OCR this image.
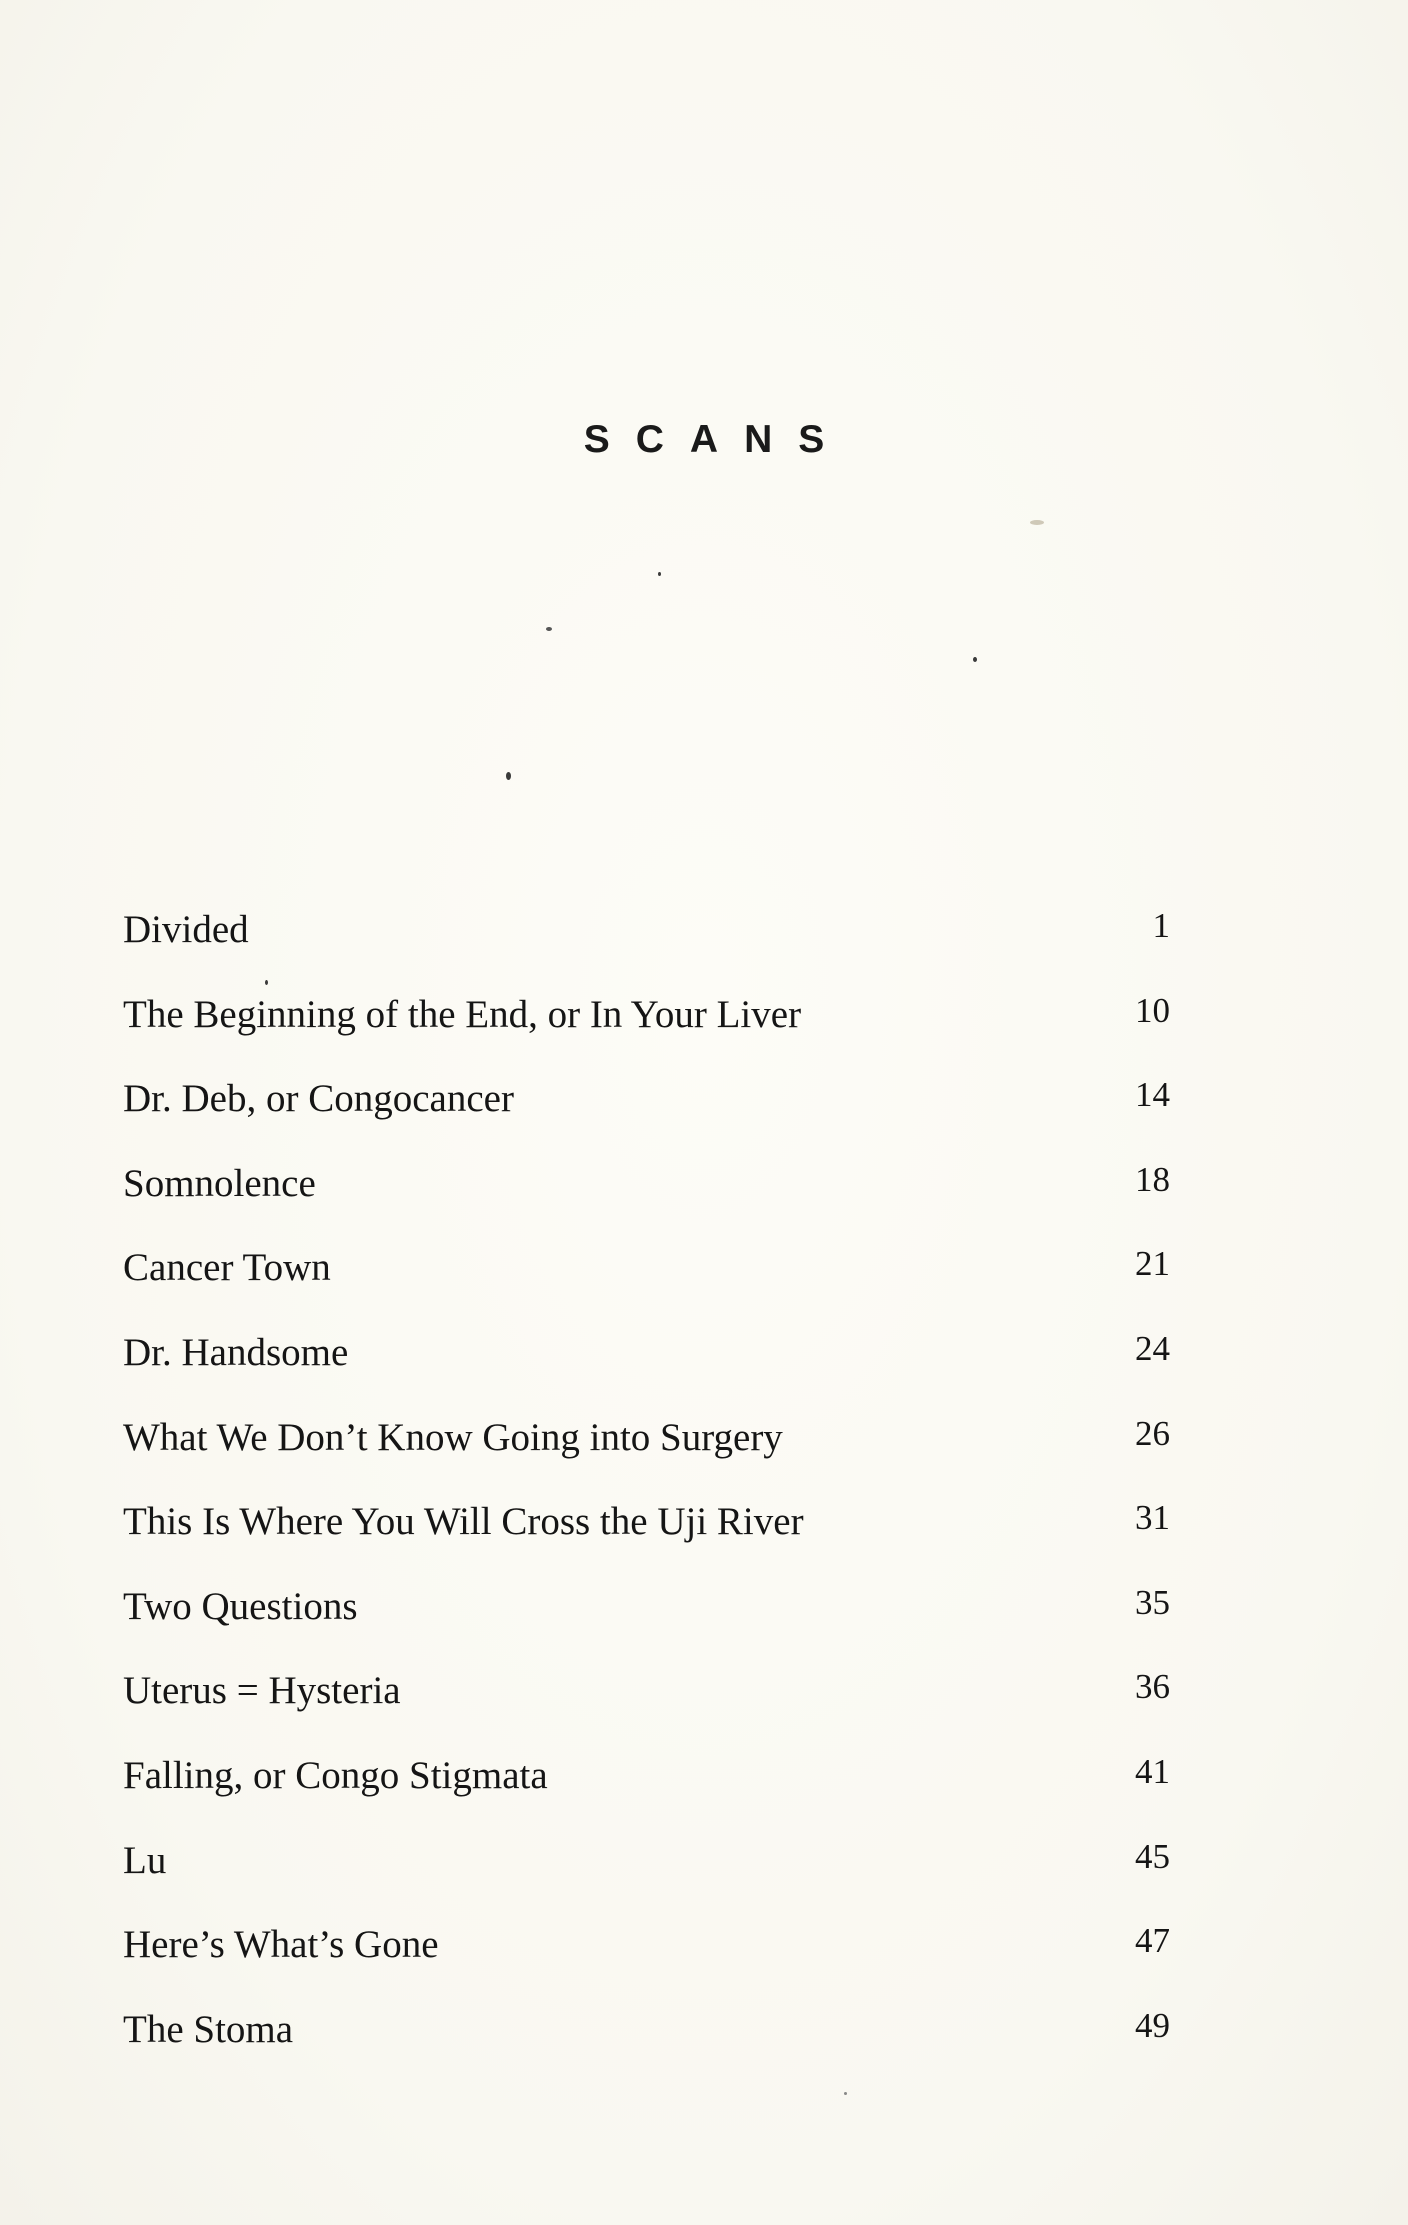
SCANS
Divided	1
The Beginning of the End, or In Your Liver	10
Dr. Deb, or Congocancer	14
Somnolence	18
Cancer Town	21
Dr. Handsome	24
What We Don’t Know Going into Surgery	26
This Is Where You Will Cross the Uji River	31
Two Questions	35
Uterus = Hysteria	36
Falling, or Congo Stigmata	41
Lu	45
Here’s What’s Gone	47
The Stoma	49
